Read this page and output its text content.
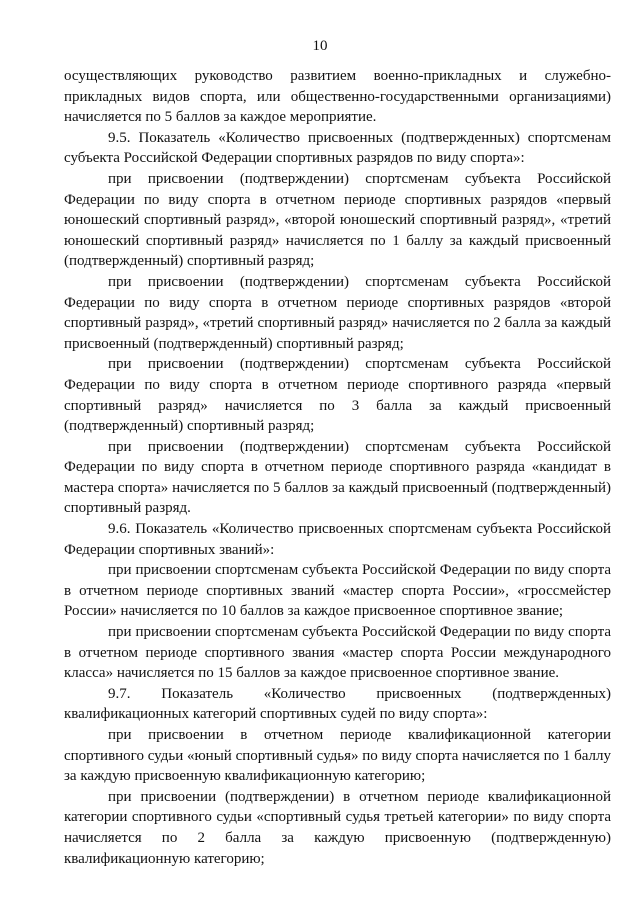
10

осуществляющих руководство развитием военно-прикладных и служебно-прикладных видов спорта, или общественно-государственными организациями) начисляется по 5 баллов за каждое мероприятие.

9.5. Показатель «Количество присвоенных (подтвержденных) спортсменам субъекта Российской Федерации спортивных разрядов по виду спорта»:

при присвоении (подтверждении) спортсменам субъекта Российской Федерации по виду спорта в отчетном периоде спортивных разрядов «первый юношеский спортивный разряд», «второй юношеский спортивный разряд», «третий юношеский спортивный разряд» начисляется по 1 баллу за каждый присвоенный (подтвержденный) спортивный разряд;

при присвоении (подтверждении) спортсменам субъекта Российской Федерации по виду спорта в отчетном периоде спортивных разрядов «второй спортивный разряд», «третий спортивный разряд» начисляется по 2 балла за каждый присвоенный (подтвержденный) спортивный разряд;

при присвоении (подтверждении) спортсменам субъекта Российской Федерации по виду спорта в отчетном периоде спортивного разряда «первый спортивный разряд» начисляется по 3 балла за каждый присвоенный (подтвержденный) спортивный разряд;

при присвоении (подтверждении) спортсменам субъекта Российской Федерации по виду спорта в отчетном периоде спортивного разряда «кандидат в мастера спорта» начисляется по 5 баллов за каждый присвоенный (подтвержденный) спортивный разряд.

9.6. Показатель «Количество присвоенных спортсменам субъекта Российской Федерации спортивных званий»:

при присвоении спортсменам субъекта Российской Федерации по виду спорта в отчетном периоде спортивных званий «мастер спорта России», «гроссмейстер России» начисляется по 10 баллов за каждое присвоенное спортивное звание;

при присвоении спортсменам субъекта Российской Федерации по виду спорта в отчетном периоде спортивного звания «мастер спорта России международного класса» начисляется по 15 баллов за каждое присвоенное спортивное звание.

9.7. Показатель «Количество присвоенных (подтвержденных) квалификационных категорий спортивных судей по виду спорта»:

при присвоении в отчетном периоде квалификационной категории спортивного судьи «юный спортивный судья» по виду спорта начисляется по 1 баллу за каждую присвоенную квалификационную категорию;

при присвоении (подтверждении) в отчетном периоде квалификационной категории спортивного судьи «спортивный судья третьей категории» по виду спорта начисляется по 2 балла за каждую присвоенную (подтвержденную) квалификационную категорию;
